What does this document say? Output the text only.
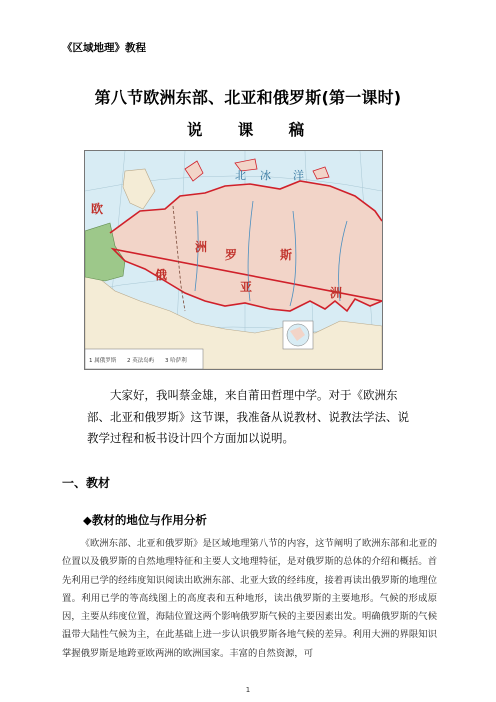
《区域地理》教程
第八节欧洲东部、北亚和俄罗斯(第一课时)
说 课 稿
北 冰 洋
欧
洲
俄
罗	斯
亚	洲
1 属俄罗斯 2 英法岛屿 3 哈萨利
大家好，我叫蔡金雄，来自莆田哲理中学。对于《欧洲东部、北亚和俄罗斯》这节课，我准备从说教材、说教法学法、说教学过程和板书设计四个方面加以说明。
一、教材
◆教材的地位与作用分析

《欧洲东部、北亚和俄罗斯》是区域地理第八节的内容，这节阐明了欧洲东部和北亚的位置以及俄罗斯的自然地理特征和主要人文地理特征，是对俄罗斯的总体的介绍和概括。首先利用已学的经纬度知识阅读出欧洲东部、北亚大致的经纬度，接着再读出俄罗斯的地理位置。利用已学的等高线图上的高度表和五种地形，读出俄罗斯的主要地形。气候的形成原因，主要从纬度位置，海陆位置这两个影响俄罗斯气候的主要因素出发。明确俄罗斯的气候温带大陆性气候为主，在此基础上进一步认识俄罗斯各地气候的差异。利用大洲的界限知识掌握俄罗斯是地跨亚欧两洲的欧洲国家。丰富的自然资源，可

1
